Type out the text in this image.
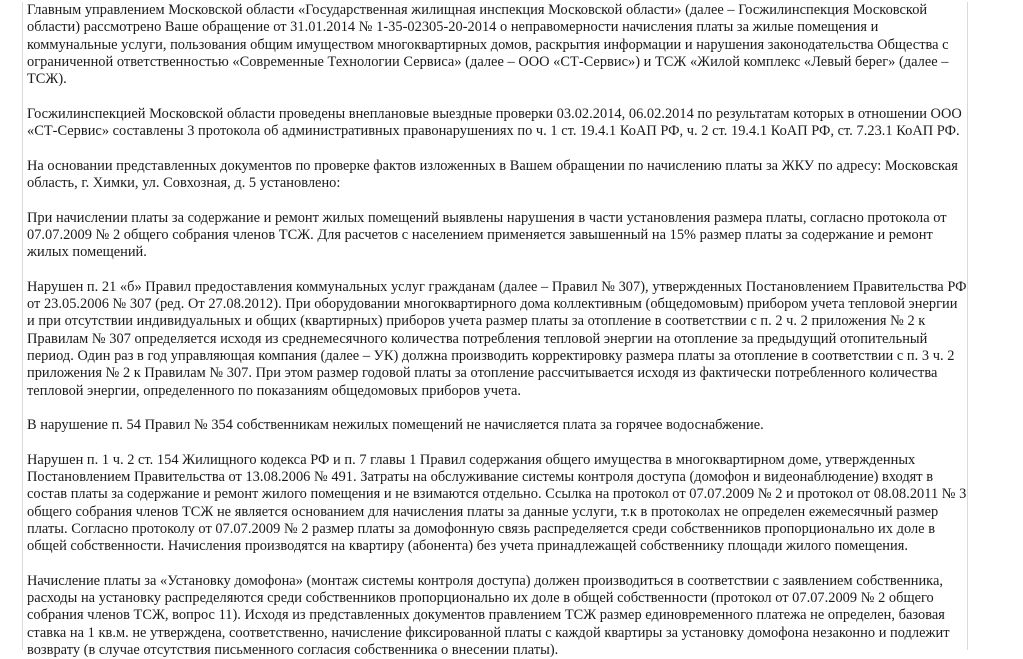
Главным управлением Московской области «Государственная жилищная инспекция Московской области» (далее – Госжилинспекция Московской области) рассмотрено Ваше обращение от 31.01.2014 № 1-35-02305-20-2014 о неправомерности начисления платы за жилые помещения и коммунальные услуги, пользования общим имуществом многоквартирных домов, раскрытия информации и нарушения законодательства Общества с ограниченной ответственностью «Современные Технологии Сервиса» (далее – ООО «СТ-Сервис») и ТСЖ «Жилой комплекс «Левый берег» (далее – ТСЖ).

Госжилинспекцией Московской области проведены внеплановые выездные проверки 03.02.2014, 06.02.2014 по результатам которых в отношении ООО «СТ-Сервис» составлены 3 протокола об административных правонарушениях по ч. 1 ст. 19.4.1 КоАП РФ, ч. 2 ст. 19.4.1 КоАП РФ, ст. 7.23.1 КоАП РФ.

На основании представленных документов по проверке фактов изложенных в Вашем обращении по начислению платы за ЖКУ по адресу: Московская область, г. Химки, ул. Совхозная, д. 5 установлено:

При начислении платы за содержание и ремонт жилых помещений выявлены нарушения в части установления размера платы, согласно протокола от 07.07.2009 № 2 общего собрания членов ТСЖ. Для расчетов с населением применяется завышенный на 15% размер платы за содержание и ремонт жилых помещений.

Нарушен п. 21 «б» Правил предоставления коммунальных услуг гражданам (далее – Правил № 307), утвержденных Постановлением Правительства РФ от 23.05.2006 № 307 (ред. От 27.08.2012). При оборудовании многоквартирного дома коллективным (общедомовым) прибором учета тепловой энергии и при отсутствии индивидуальных и общих (квартирных) приборов учета размер платы за отопление в соответствии с п. 2 ч. 2 приложения № 2 к Правилам № 307 определяется исходя из среднемесячного количества потребления тепловой энергии на отопление за предыдущий отопительный период. Один раз в год управляющая компания (далее – УК) должна производить корректировку размера платы за отопление в соответствии с п. 3 ч. 2 приложения № 2 к Правилам № 307. При этом размер годовой платы за отопление рассчитывается исходя из фактически потребленного количества тепловой энергии, определенного по показаниям общедомовых приборов учета.

В нарушение п. 54 Правил № 354 собственникам нежилых помещений не начисляется плата за горячее водоснабжение.

Нарушен п. 1 ч. 2 ст. 154 Жилищного кодекса РФ и п. 7 главы 1 Правил содержания общего имущества в многоквартирном доме, утвержденных Постановлением Правительства от 13.08.2006 № 491. Затраты на обслуживание системы контроля доступа (домофон и видеонаблюдение) входят в состав платы за содержание и ремонт жилого помещения и не взимаются отдельно. Ссылка на протокол от 07.07.2009 № 2 и протокол от 08.08.2011 № 3 общего собрания членов ТСЖ не является основанием для начисления платы за данные услуги, т.к в протоколах не определен ежемесячный размер платы. Согласно протоколу от 07.07.2009 № 2 размер платы за домофонную связь распределяется среди собственников пропорционально их доле в общей собственности. Начисления производятся на квартиру (абонента) без учета принадлежащей собственнику площади жилого помещения.

Начисление платы за «Установку домофона» (монтаж системы контроля доступа) должен производиться в соответствии с заявлением собственника, расходы на установку распределяются среди собственников пропорционально их доле в общей собственности (протокол от 07.07.2009 № 2 общего собрания членов ТСЖ, вопрос 11). Исходя из представленных документов правлением ТСЖ размер единовременного платежа не определен, базовая ставка на 1 кв.м. не утверждена, соответственно, начисление фиксированной платы с каждой квартиры за установку домофона незаконно и подлежит возврату (в случае отсутствия письменного согласия собственника о внесении платы).
